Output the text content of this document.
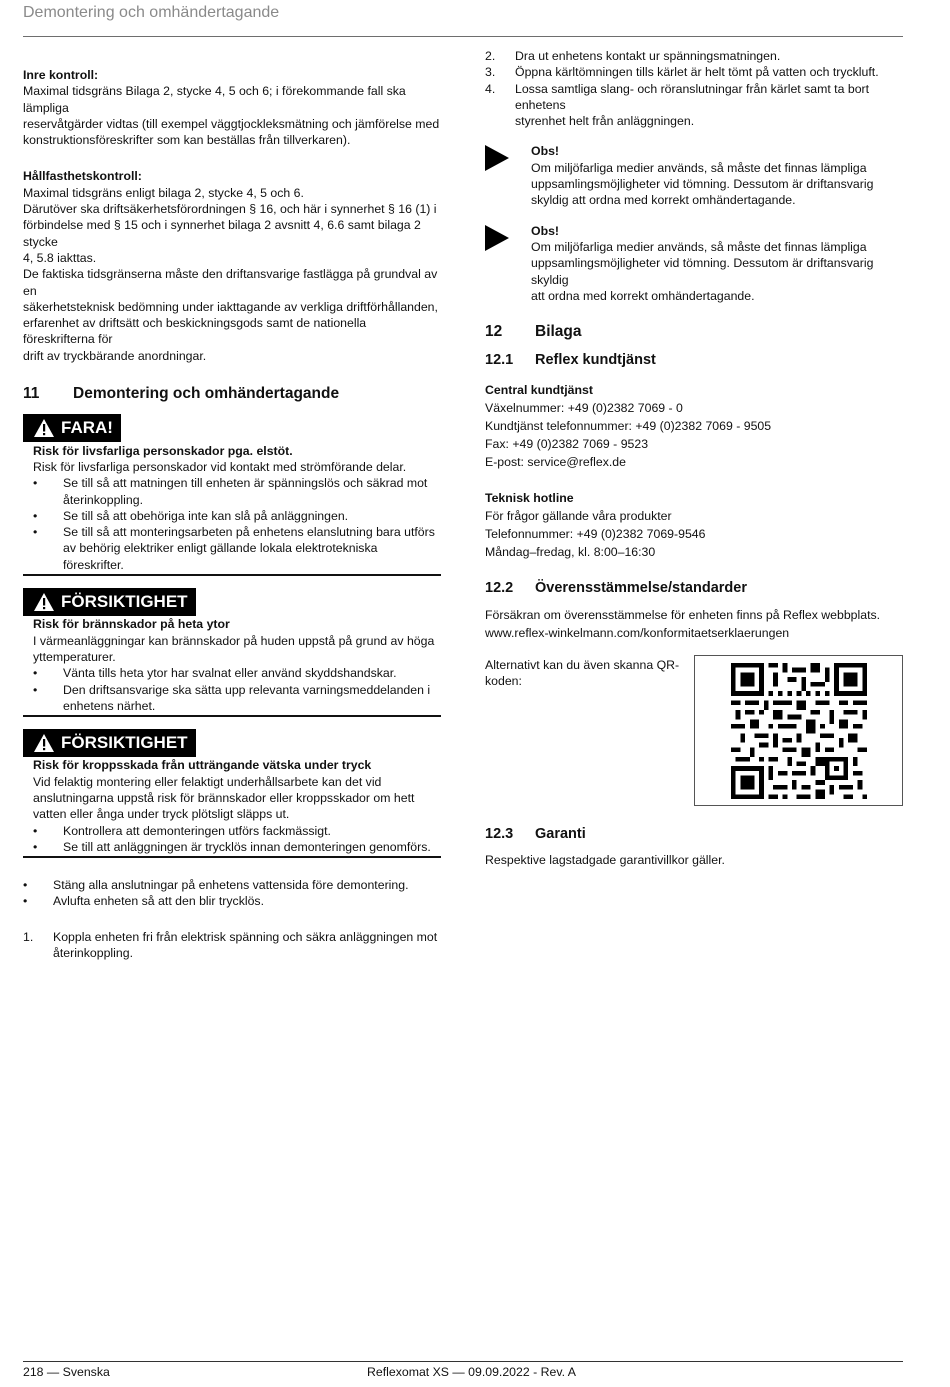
Demontering och omhändertagande

Inre kontroll:

Maximal tidsgräns Bilaga 2, stycke 4, 5 och 6; i förekommande fall ska lämpliga

reservåtgärder vidtas (till exempel väggtjockleksmätning och jämförelse med

konstruktionsföreskrifter som kan beställas från tillverkaren).

Hållfasthetskontroll:

Maximal tidsgräns enligt bilaga 2, stycke 4, 5 och 6.

Därutöver ska driftsäkerhetsförordningen § 16, och här i synnerhet § 16 (1) i

förbindelse med § 15 och i synnerhet bilaga 2 avsnitt 4, 6.6 samt bilaga 2 stycke

4, 5.8 iakttas.

De faktiska tidsgränserna måste den driftansvarige fastlägga på grundval av en

säkerhetsteknisk bedömning under iakttagande av verkliga driftförhållanden,

erfarenhet av driftsätt och beskickningsgods samt de nationella föreskrifterna för

drift av tryckbärande anordningar.

11	Demontering och omhändertagande
FARA!

Risk för livsfarliga personskador pga. elstöt.

Risk för livsfarliga personskador vid kontakt med strömförande delar.

• Se till så att matningen till enheten är spänningslös och säkrad mot

återinkoppling.

• Se till så att obehöriga inte kan slå på anläggningen.

• Se till så att monteringsarbeten på enhetens elanslutning bara utförs

av behörig elektriker enligt gällande lokala elektrotekniska föreskrifter.

FÖRSIKTIGHET

Risk för brännskador på heta ytor

I värmeanläggningar kan brännskador på huden uppstå på grund av höga

yttemperaturer.

• Vänta tills heta ytor har svalnat eller använd skyddshandskar.

• Den driftsansvarige ska sätta upp relevanta varningsmeddelanden i

enhetens närhet.

FÖRSIKTIGHET

Risk för kroppsskada från utträngande vätska under tryck

Vid felaktig montering eller felaktigt underhållsarbete kan det vid

anslutningarna uppstå risk för brännskador eller kroppsskador om hett

vatten eller ånga under tryck plötsligt släpps ut.

• Kontrollera att demonteringen utförs fackmässigt.

• Se till att anläggningen är trycklös innan demonteringen genomförs.

• Stäng alla anslutningar på enhetens vattensida före demontering.
• Avlufta enheten så att den blir trycklös.
1.	Koppla enheten fri från elektrisk spänning och säkra anläggningen mot

återinkoppling.

2.	Dra ut enhetens kontakt ur spänningsmatningen.

3.	Öppna kärltömningen tills kärlet är helt tömt på vatten och tryckluft.

4.	Lossa samtliga slang- och röranslutningar från kärlet samt ta bort enhetens

styrenhet helt från anläggningen.

Obs!

Om miljöfarliga medier används, så måste det finnas lämpliga

uppsamlingsmöjligheter vid tömning. Dessutom är driftansvarig

skyldig att ordna med korrekt omhändertagande.

Obs!

Om miljöfarliga medier används, så måste det finnas lämpliga

uppsamlingsmöjligheter vid tömning. Dessutom är driftansvarig skyldig

att ordna med korrekt omhändertagande.

12	Bilaga
12.1	Reflex kundtjänst

Central kundtjänst

Växelnummer: +49 (0)2382 7069 - 0

Kundtjänst telefonnummer: +49 (0)2382 7069 - 9505

Fax: +49 (0)2382 7069 - 9523

E-post: service@reflex.de

Teknisk hotline

För frågor gällande våra produkter

Telefonnummer: +49 (0)2382 7069-9546

Måndag–fredag, kl. 8:00–16:30

12.2	Överensstämmelse/standarder

Försäkran om överensstämmelse för enheten finns på Reflex webbplats.

www.reflex-winkelmann.com/konformitaetserklaerungen

Alternativt kan du även skanna QR-

koden:

12.3	Garanti

Respektive lagstadgade garantivillkor gäller.

218 — Svenska	Reflexomat XS — 09.09.2022 - Rev. A
